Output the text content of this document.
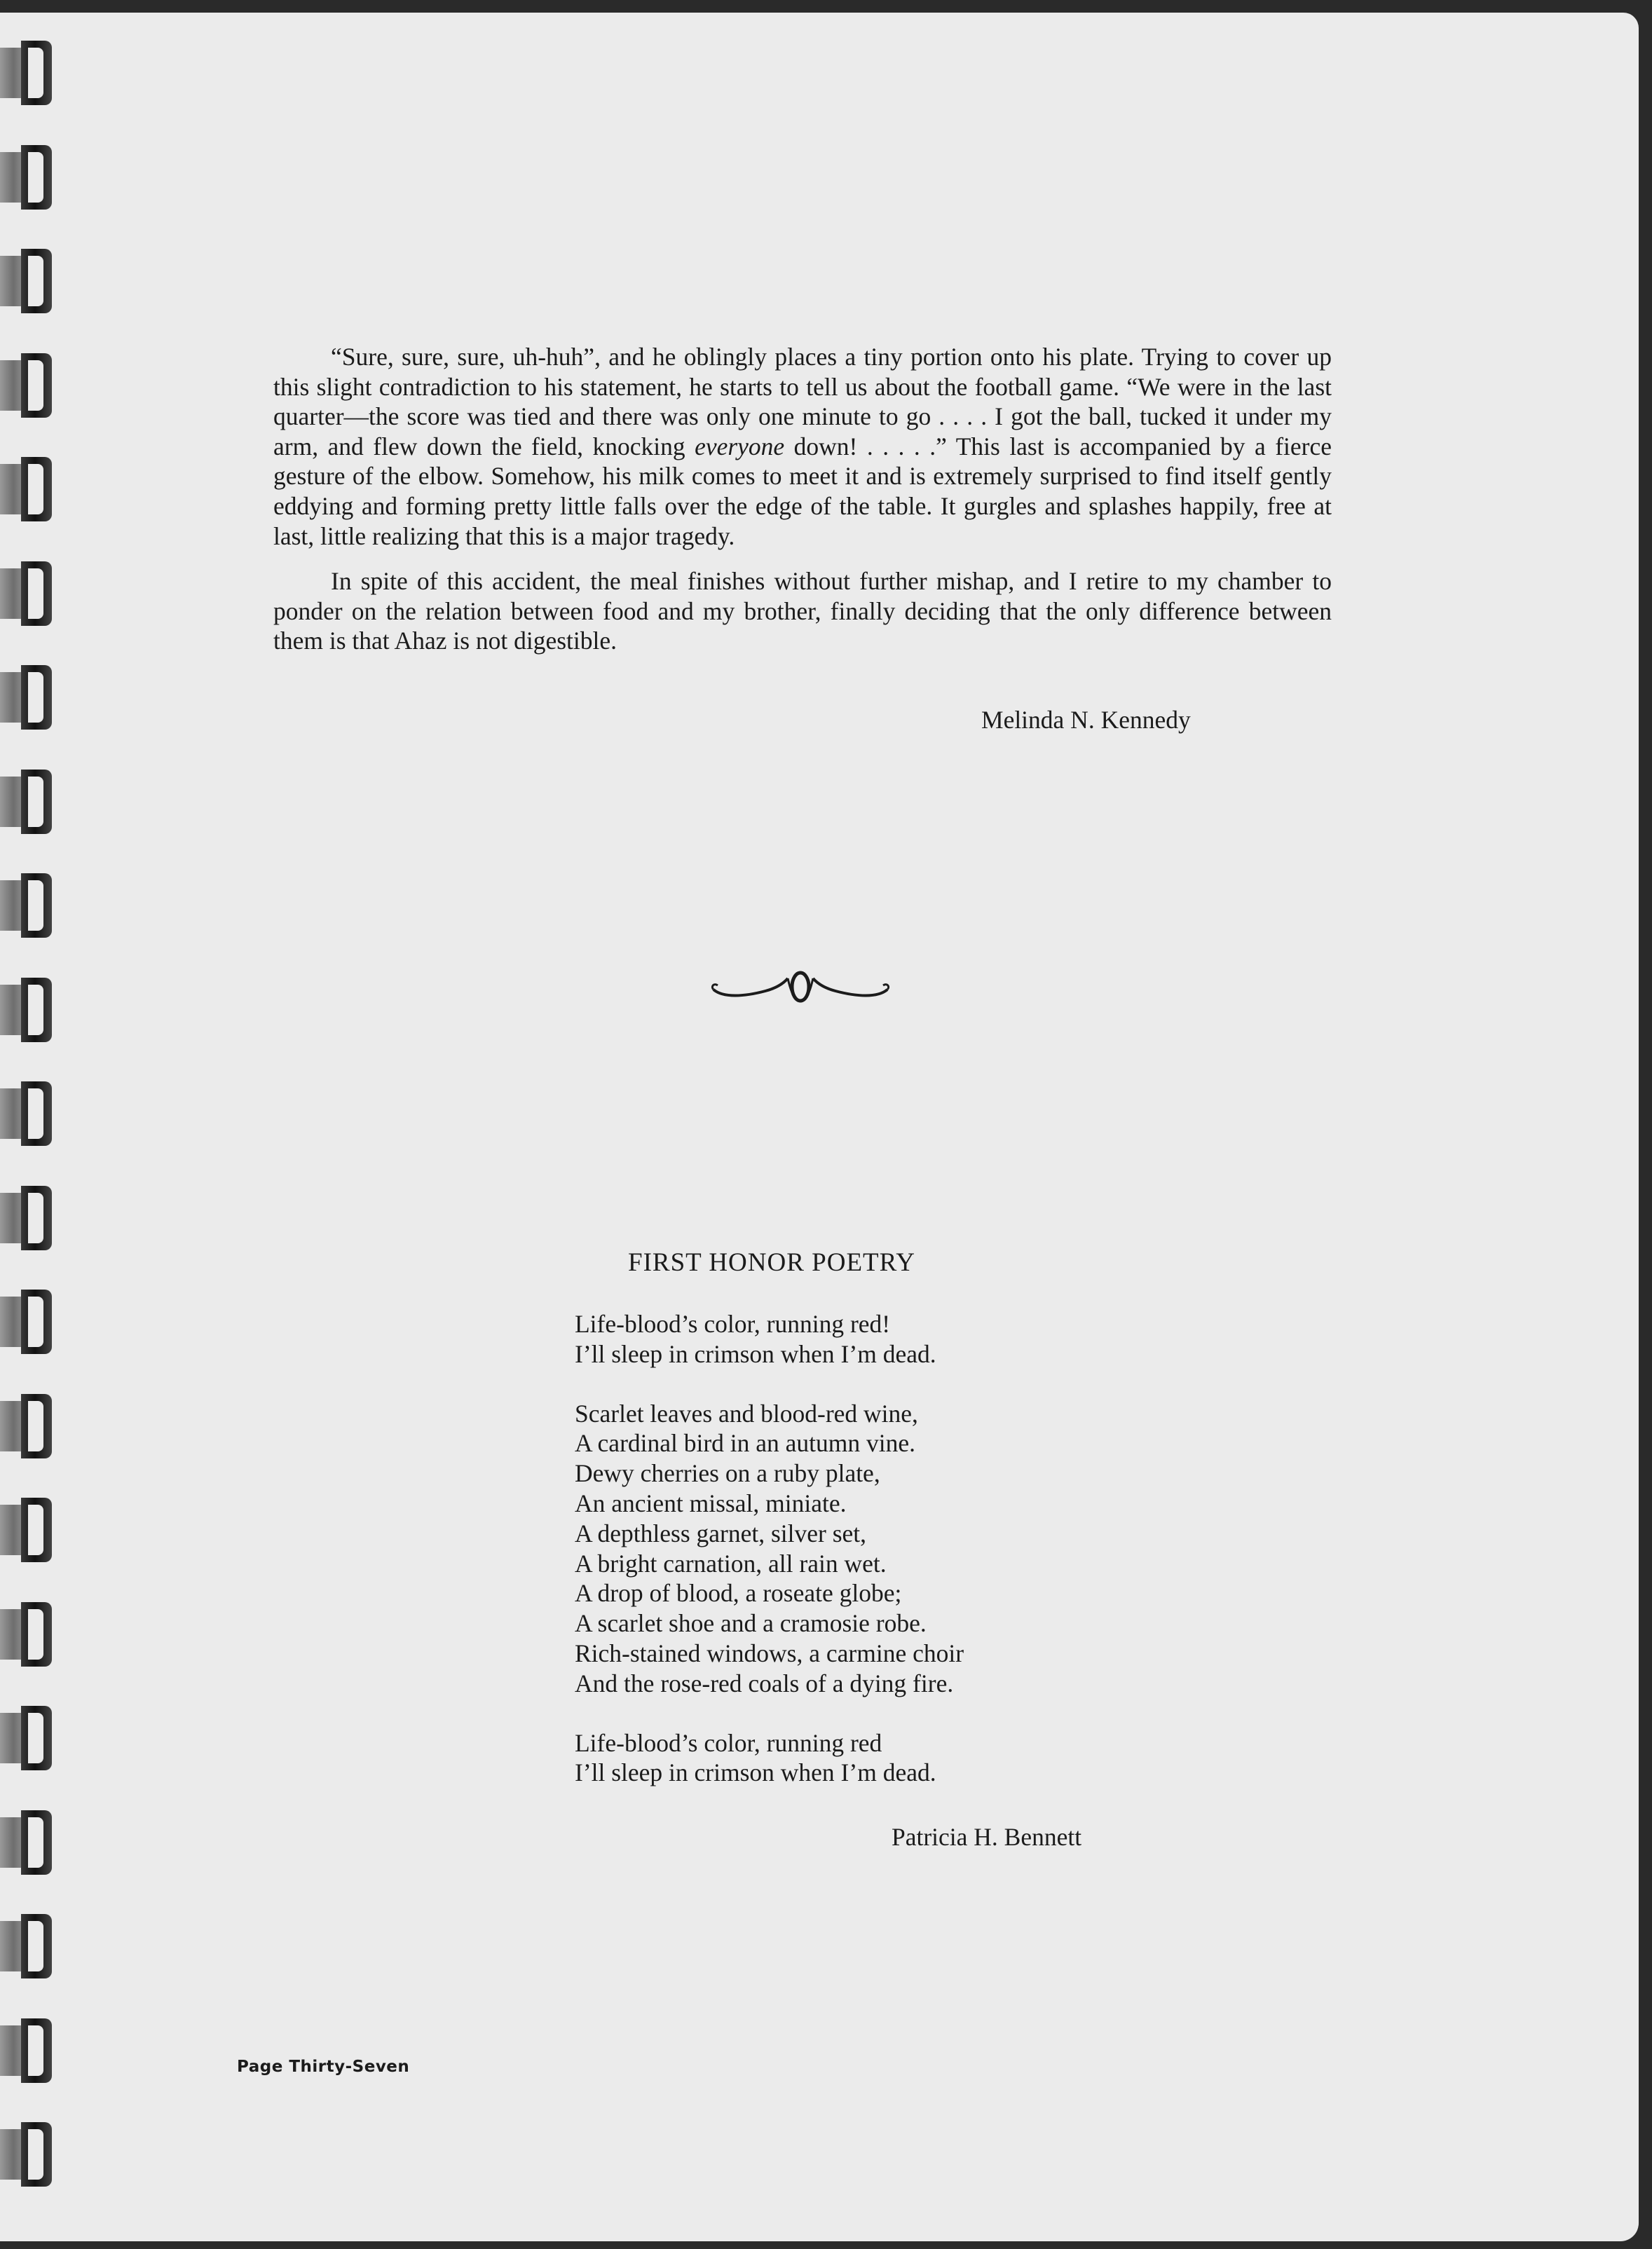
“Sure, sure, sure, uh-huh”, and he oblingly places a tiny portion onto his plate. Trying to cover up this slight contradiction to his statement, he starts to tell us about the football game. “We were in the last quarter—the score was tied and there was only one minute to go . . . . I got the ball, tucked it under my arm, and flew down the field, knocking everyone down! . . . . .” This last is accompanied by a fierce gesture of the elbow. Somehow, his milk comes to meet it and is extremely surprised to find itself gently eddying and forming pretty little falls over the edge of the table. It gurgles and splashes happily, free at last, little realizing that this is a major tragedy.

In spite of this accident, the meal finishes without further mishap, and I retire to my chamber to ponder on the relation between food and my brother, finally deciding that the only difference between them is that Ahaz is not digestible.

Melinda N. Kennedy
FIRST HONOR POETRY
Life-blood’s color, running red!
I’ll sleep in crimson when I’m dead.
Scarlet leaves and blood-red wine,
A cardinal bird in an autumn vine.
Dewy cherries on a ruby plate,
An ancient missal, miniate.
A depthless garnet, silver set,
A bright carnation, all rain wet.
A drop of blood, a roseate globe;
A scarlet shoe and a cramosie robe.
Rich-stained windows, a carmine choir
And the rose-red coals of a dying fire.
Life-blood’s color, running red
I’ll sleep in crimson when I’m dead.
Patricia H. Bennett
Page Thirty-Seven
